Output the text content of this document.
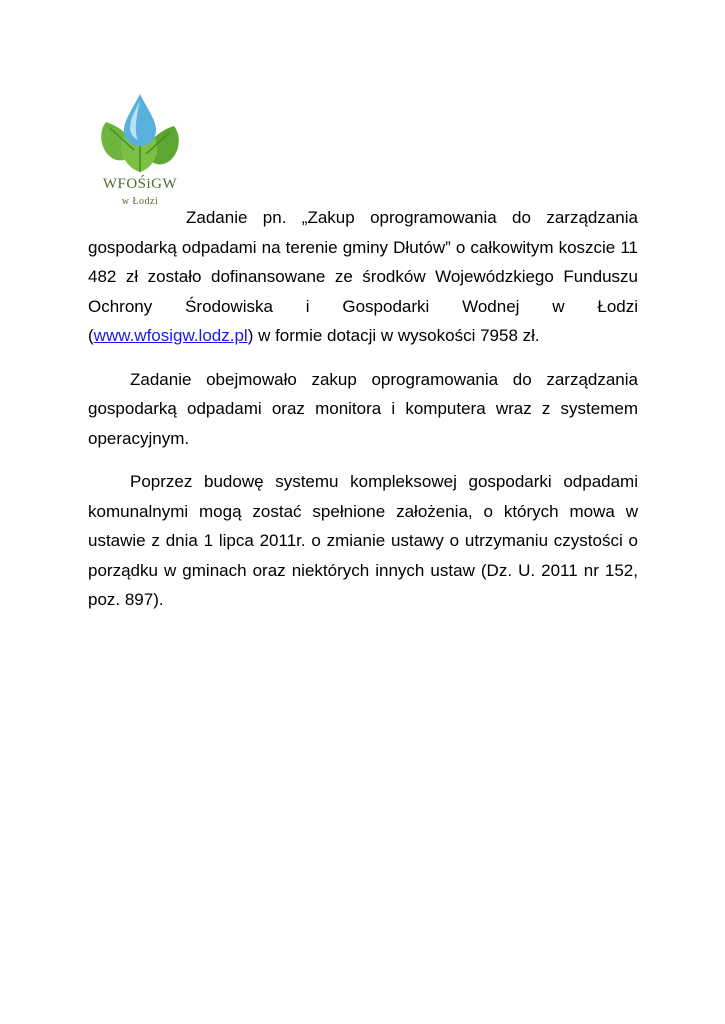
WFOŚiGW
w Łodzi

Zadanie pn. „Zakup oprogramowania do zarządzania gospodarką odpadami na terenie gminy Dłutów” o całkowitym koszcie 11 482 zł zostało dofinansowane ze środków Wojewódzkiego Funduszu Ochrony Środowiska i Gospodarki Wodnej w Łodzi (www.wfosigw.lodz.pl) w formie dotacji w wysokości 7958 zł.

Zadanie obejmowało zakup oprogramowania do zarządzania gospodarką odpadami oraz monitora i komputera wraz z systemem operacyjnym.

Poprzez budowę systemu kompleksowej gospodarki odpadami komunalnymi mogą zostać spełnione założenia, o których mowa w ustawie z dnia 1 lipca 2011r. o zmianie ustawy o utrzymaniu czystości o porządku w gminach oraz niektórych innych ustaw (Dz. U. 2011 nr 152, poz. 897).
